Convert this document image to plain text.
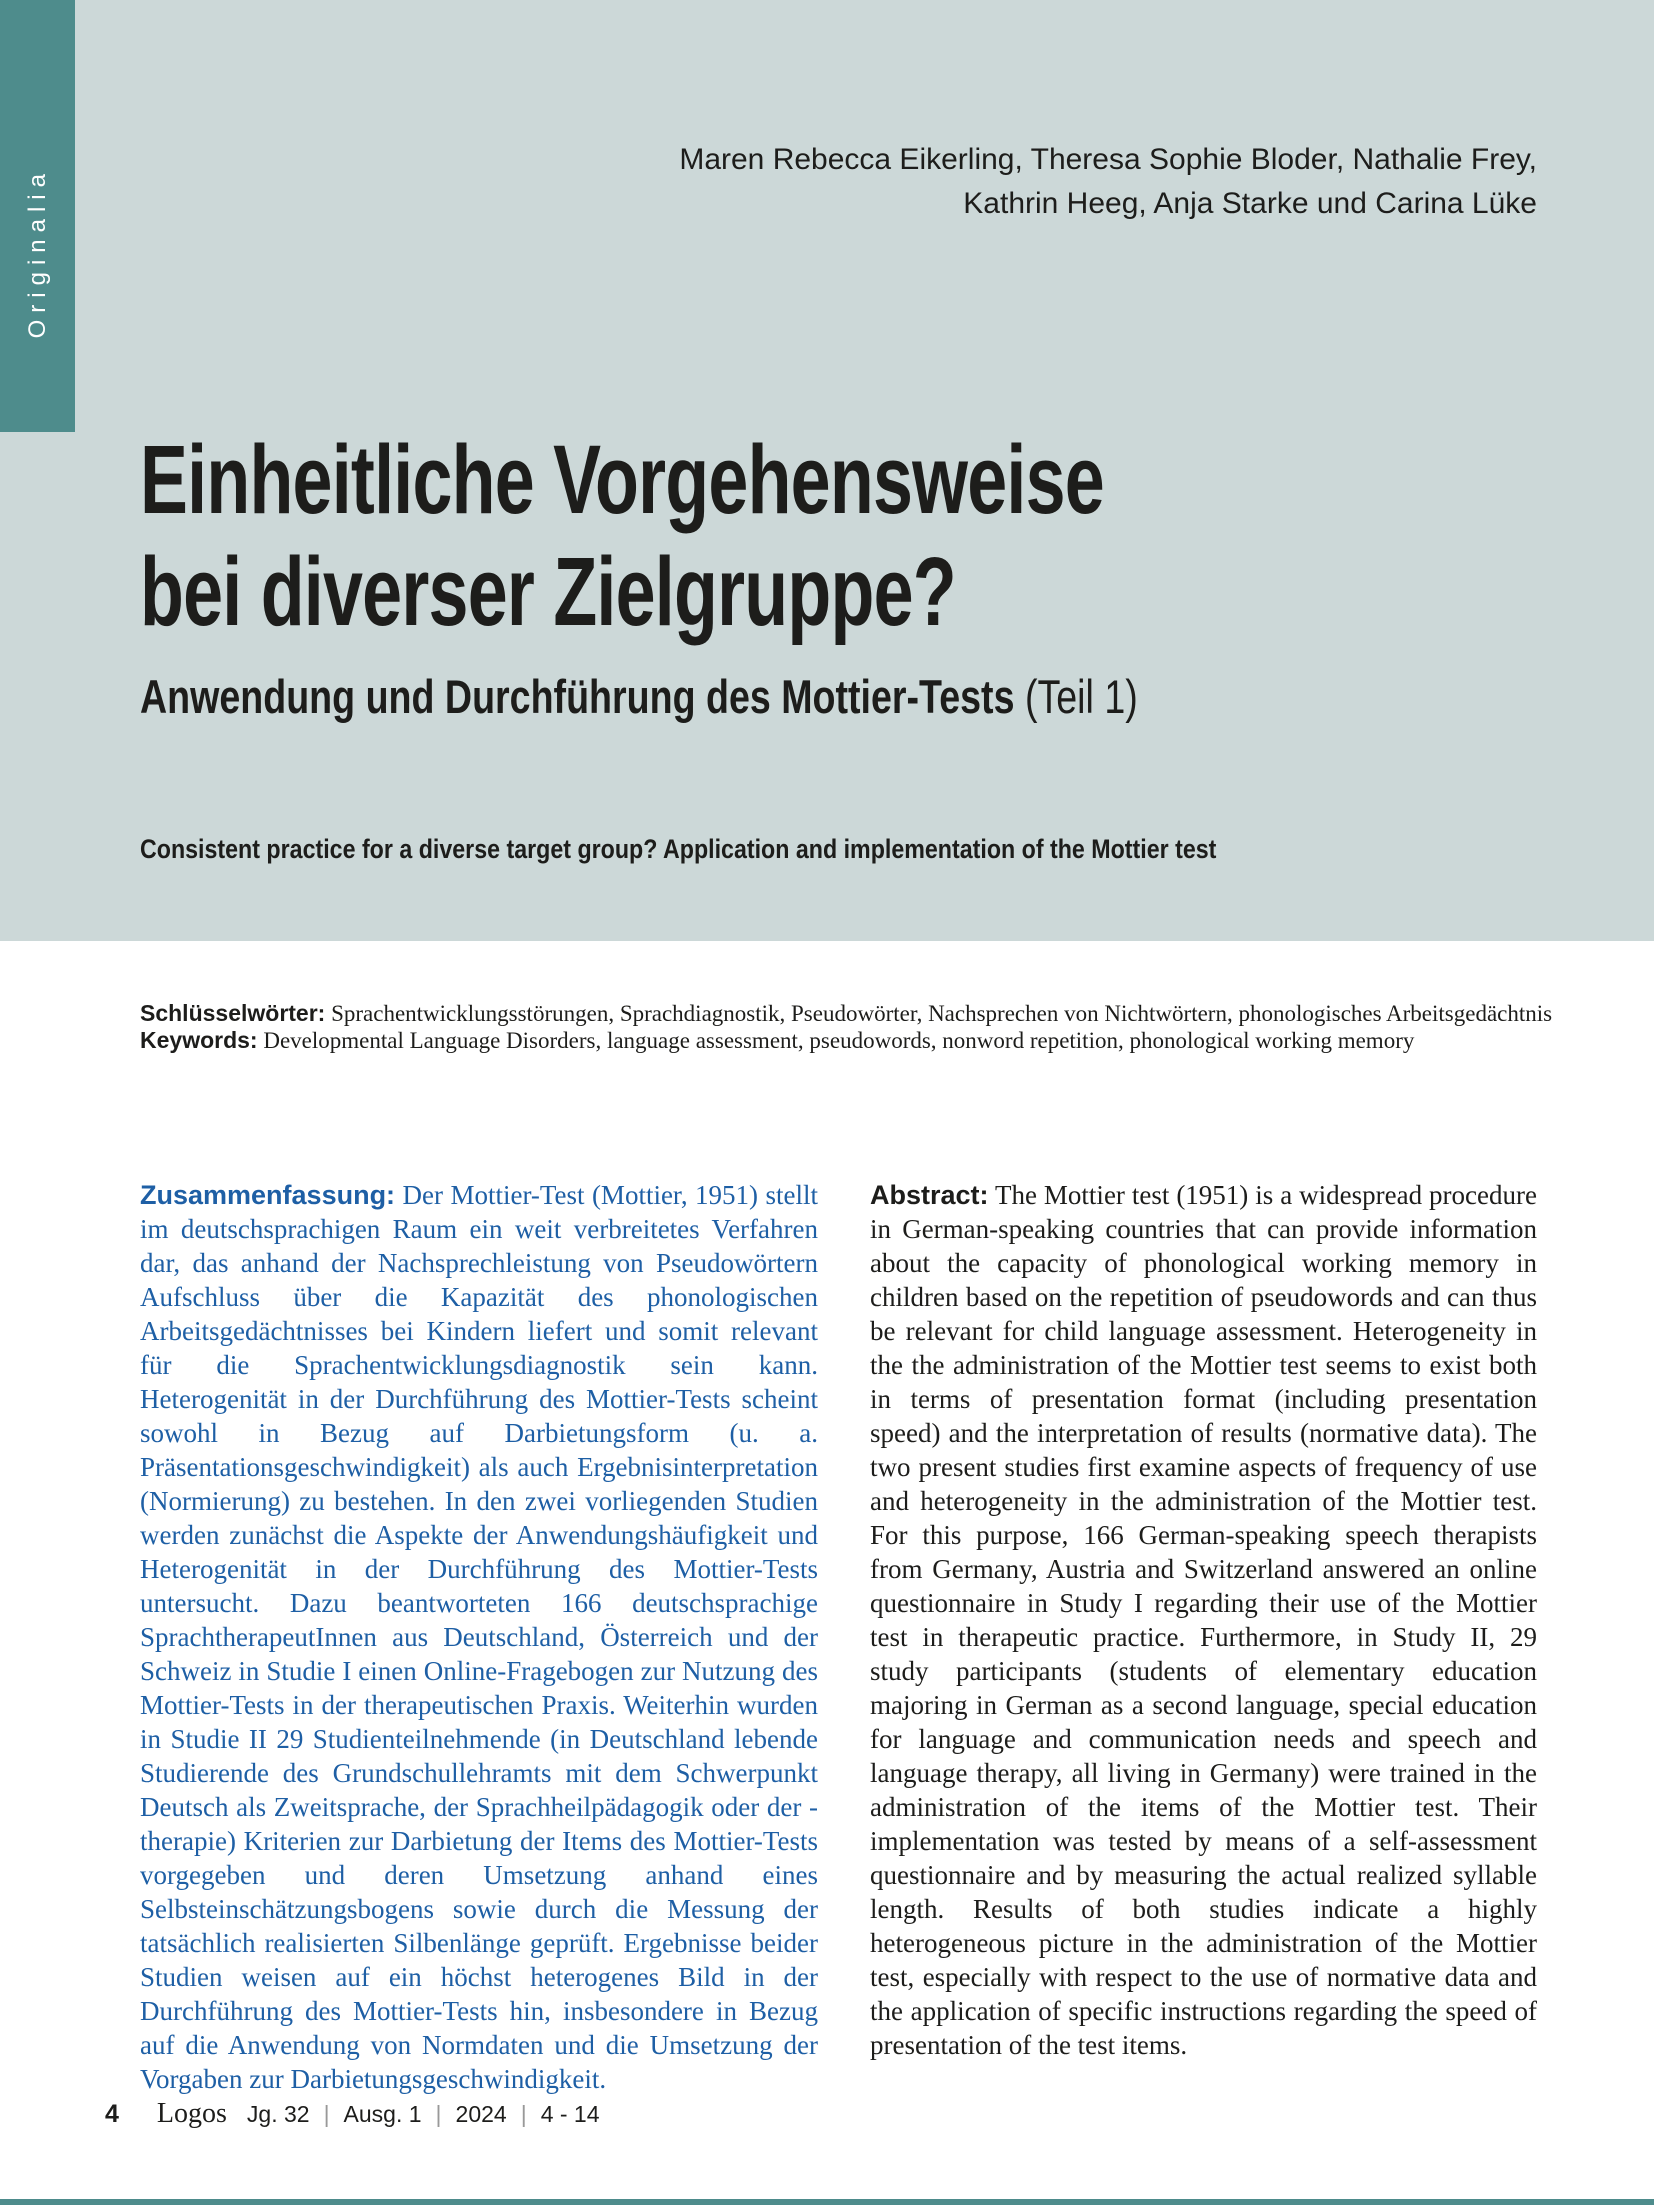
Originalia
Maren Rebecca Eikerling, Theresa Sophie Bloder, Nathalie Frey,
Kathrin Heeg, Anja Starke und Carina Lüke
Einheitliche Vorgehensweise
bei diverser Zielgruppe?
Anwendung und Durchführung des Mottier-Tests (Teil 1)
Consistent practice for a diverse target group? Application and implementation of the Mottier test
Schlüsselwörter: Sprachentwicklungsstörungen, Sprachdiagnostik, Pseudowörter, Nachsprechen von Nichtwörtern, phonologisches Arbeitsgedächtnis
Keywords: Developmental Language Disorders, language assessment, pseudowords, nonword repetition, phonological working memory

Zusammenfassung: Der Mottier-Test (Mottier, 1951) stellt im deutschsprachigen Raum ein weit verbreitetes Verfahren dar, das anhand der Nachsprechleistung von Pseudowörtern Aufschluss über die Kapazität des phonologischen Arbeitsgedächtnisses bei Kindern liefert und somit relevant für die Sprachentwicklungsdiagnostik sein kann. Heterogenität in der Durchführung des Mottier-Tests scheint sowohl in Bezug auf Darbietungsform (u. a. Präsentationsgeschwindigkeit) als auch Ergebnisinterpretation (Normierung) zu bestehen. In den zwei vorliegenden Studien werden zunächst die Aspekte der Anwendungshäufigkeit und Heterogenität in der Durchführung des Mottier-Tests untersucht. Dazu beantworteten 166 deutschsprachige SprachtherapeutInnen aus Deutschland, Österreich und der Schweiz in Studie I einen Online-Fragebogen zur Nutzung des Mottier-Tests in der therapeutischen Praxis. Weiterhin wurden in Studie II 29 Studienteilnehmende (in Deutschland lebende Studierende des Grundschullehramts mit dem Schwerpunkt Deutsch als Zweitsprache, der Sprachheilpädagogik oder der -therapie) Kriterien zur Darbietung der Items des Mottier-Tests vorgegeben und deren Umsetzung anhand eines Selbsteinschätzungsbogens sowie durch die Messung der tatsächlich realisierten Silbenlänge geprüft. Ergebnisse beider Studien weisen auf ein höchst heterogenes Bild in der Durchführung des Mottier-Tests hin, insbesondere in Bezug auf die Anwendung von Normdaten und die Umsetzung der Vorgaben zur Darbietungsgeschwindigkeit.

Abstract: The Mottier test (1951) is a widespread procedure in German-speaking countries that can provide information about the capacity of phonological working memory in children based on the repetition of pseudowords and can thus be relevant for child language assessment. Heterogeneity in the the administration of the Mottier test seems to exist both in terms of presentation format (including presentation speed) and the interpretation of results (normative data). The two present studies first examine aspects of frequency of use and heterogeneity in the administration of the Mottier test. For this purpose, 166 German-speaking speech therapists from Germany, Austria and Switzerland answered an online questionnaire in Study I regarding their use of the Mottier test in therapeutic practice. Furthermore, in Study II, 29 study participants (students of elementary education majoring in German as a second language, special education for language and communication needs and speech and language therapy, all living in Germany) were trained in the administration of the items of the Mottier test. Their implementation was tested by means of a self-assessment questionnaire and by measuring the actual realized syllable length. Results of both studies indicate a highly heterogeneous picture in the administration of the Mottier test, especially with respect to the use of normative data and the application of specific instructions regarding the speed of presentation of the test items.

4 Logos Jg. 32 | Ausg. 1 | 2024 | 4 - 14
